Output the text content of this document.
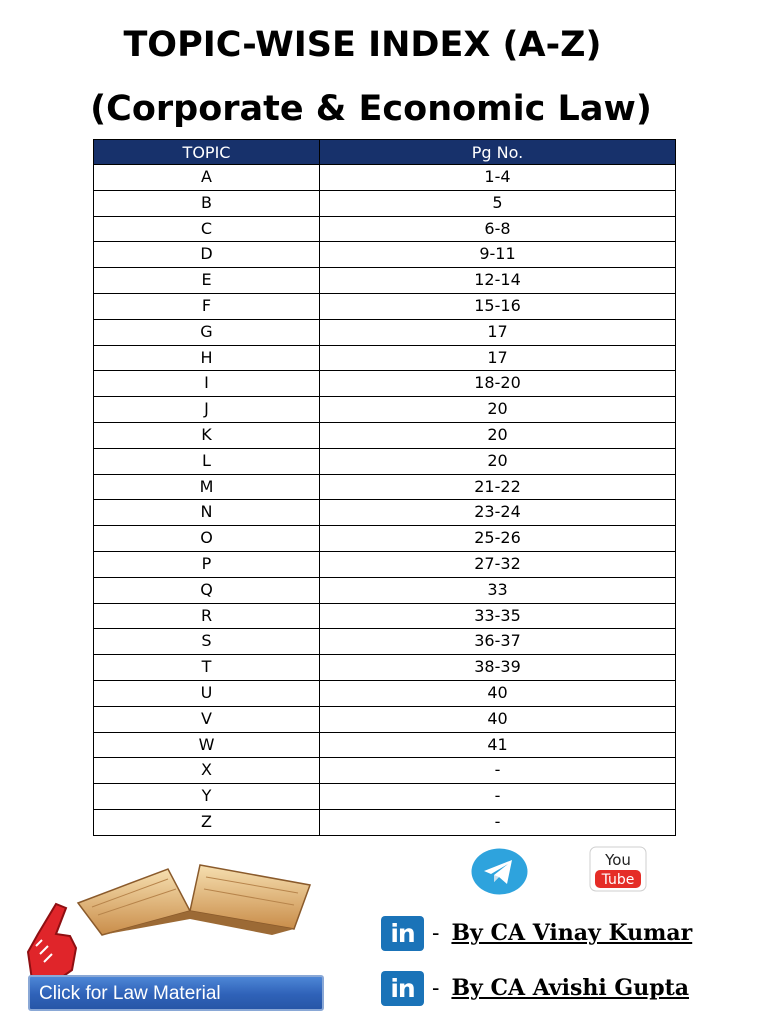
TOPIC-WISE INDEX (A-Z)
(Corporate & Economic Law)
TOPIC	Pg No.
A	1-4
B	5
C	6-8
D	9-11
E	12-14
F	15-16
G	17
H	17
I	18-20
J	20
K	20
L	20
M	21-22
N	23-24
O	25-26
P	27-32
Q	33
R	33-35
S	36-37
T	38-39
U	40
V	40
W	41
X	-
Y	-
Z	-
You
Tube
Click for Law Material
in - By CA Vinay Kumar
in - By CA Avishi Gupta
